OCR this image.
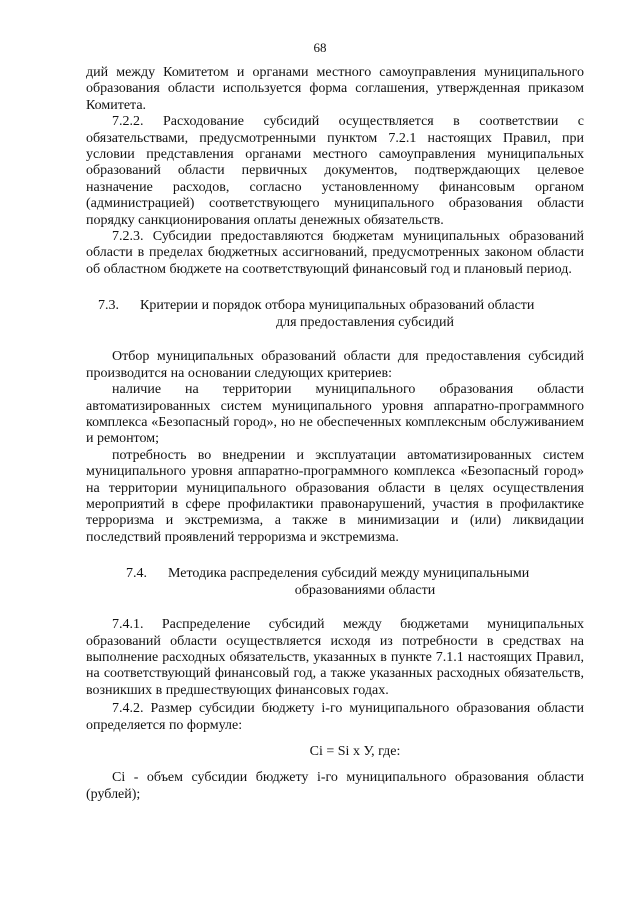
68

дий между Комитетом и органами местного самоуправления муниципального образования области используется форма соглашения, утвержденная приказом Комитета.

7.2.2. Расходование субсидий осуществляется в соответствии с обязательствами, предусмотренными пунктом 7.2.1 настоящих Правил, при условии представления органами местного самоуправления муниципальных образований области первичных документов, подтверждающих целевое назначение расходов, согласно установленному финансовым органом (администрацией) соответствующего муниципального образования области порядку санкционирования оплаты денежных обязательств.

7.2.3. Субсидии предоставляются бюджетам муниципальных образований области в пределах бюджетных ассигнований, предусмотренных законом области об областном бюджете на соответствующий финансовый год и плановый период.

7.3. Критерии и порядок отбора муниципальных образований области
для предоставления субсидий

Отбор муниципальных образований области для предоставления субсидий производится на основании следующих критериев:

наличие на территории муниципального образования области автоматизированных систем муниципального уровня аппаратно-программного комплекса «Безопасный город», но не обеспеченных комплексным обслуживанием и ремонтом;

потребность во внедрении и эксплуатации автоматизированных систем муниципального уровня аппаратно-программного комплекса «Безопасный город» на территории муниципального образования области в целях осуществления мероприятий в сфере профилактики правонарушений, участия в профилактике терроризма и экстремизма, а также в минимизации и (или) ликвидации последствий проявлений терроризма и экстремизма.

7.4. Методика распределения субсидий между муниципальными
образованиями области

7.4.1. Распределение субсидий между бюджетами муниципальных образований области осуществляется исходя из потребности в средствах на выполнение расходных обязательств, указанных в пункте 7.1.1 настоящих Правил, на соответствующий финансовый год, а также указанных расходных обязательств, возникших в предшествующих финансовых годах.

7.4.2. Размер субсидии бюджету i-го муниципального образования области определяется по формуле:

Ci = Si x У, где:

Ci - объем субсидии бюджету i-го муниципального образования области (рублей);
